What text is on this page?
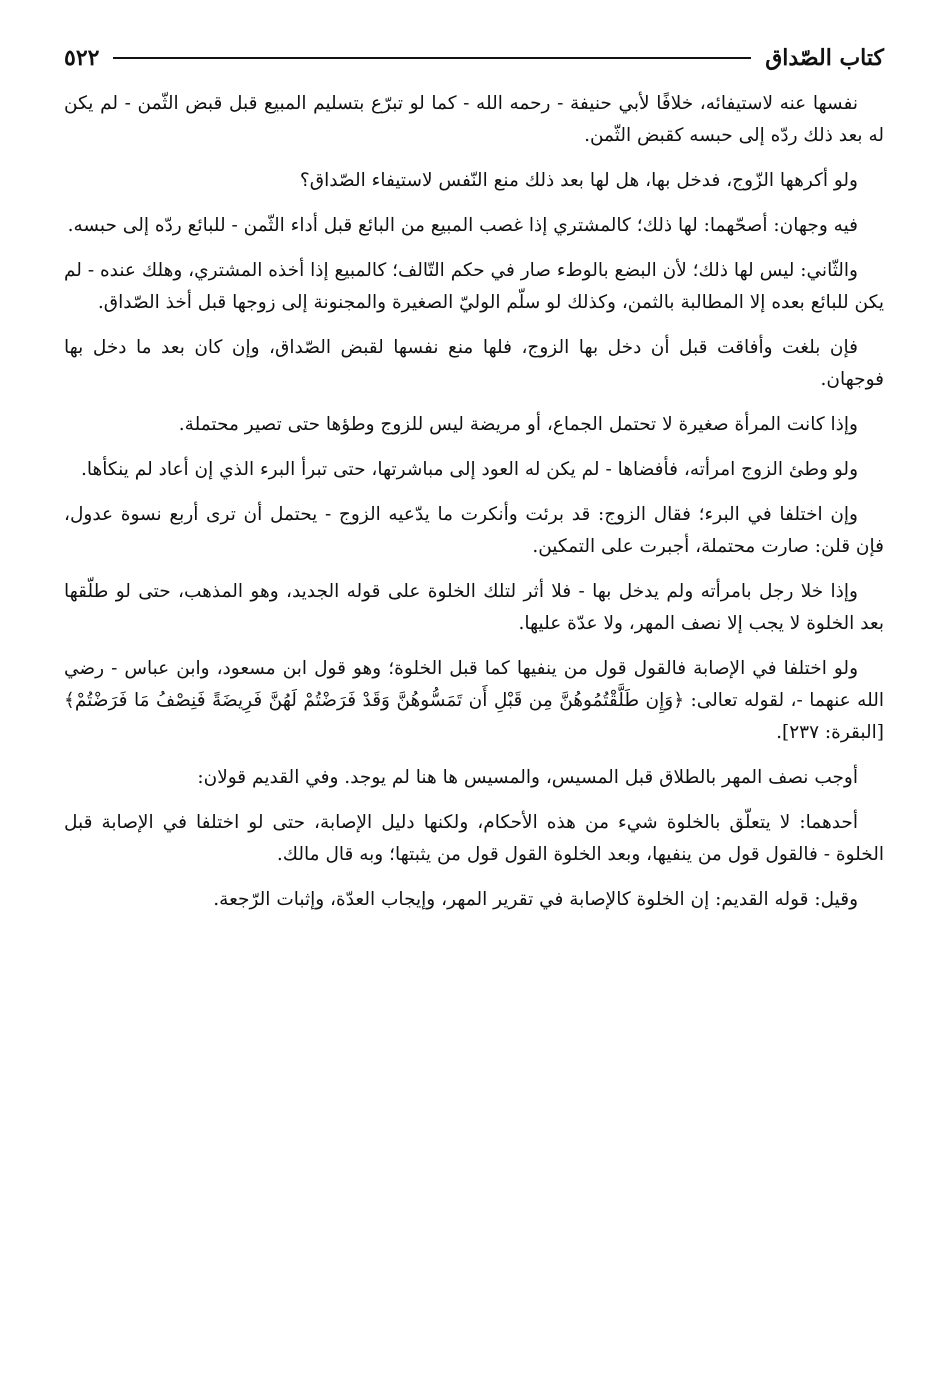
كتاب الصّداق
٥٢٢

نفسها عنه لاستيفائه، خلافًا لأبي حنيفة - رحمه الله - كما لو تبرّع بتسليم المبيع قبل قبض الثّمن - لم يكن له بعد ذلك ردّه إلى حبسه كقبض الثّمن.

ولو أكرهها الزّوج، فدخل بها، هل لها بعد ذلك منع النّفس لاستيفاء الصّداق؟

فيه وجهان: أصحّهما: لها ذلك؛ كالمشتري إذا غصب المبيع من البائع قبل أداء الثّمن - للبائع ردّه إلى حبسه.

والثّاني: ليس لها ذلك؛ لأن البضع بالوطء صار في حكم التّالف؛ كالمبيع إذا أخذه المشتري، وهلك عنده - لم يكن للبائع بعده إلا المطالبة بالثمن، وكذلك لو سلّم الوليّ الصغيرة والمجنونة إلى زوجها قبل أخذ الصّداق.

فإن بلغت وأفاقت قبل أن دخل بها الزوج، فلها منع نفسها لقبض الصّداق، وإن كان بعد ما دخل بها فوجهان.

وإذا كانت المرأة صغيرة لا تحتمل الجماع، أو مريضة ليس للزوج وطؤها حتى تصير محتملة.

ولو وطئ الزوج امرأته، فأفضاها - لم يكن له العود إلى مباشرتها، حتى تبرأ البرء الذي إن أعاد لم ينكأها.

وإن اختلفا في البرء؛ فقال الزوج: قد برئت وأنكرت ما يدّعيه الزوج - يحتمل أن ترى أربع نسوة عدول، فإن قلن: صارت محتملة، أجبرت على التمكين.

وإذا خلا رجل بامرأته ولم يدخل بها - فلا أثر لتلك الخلوة على قوله الجديد، وهو المذهب، حتى لو طلّقها بعد الخلوة لا يجب إلا نصف المهر، ولا عدّة عليها.

ولو اختلفا في الإصابة فالقول قول من ينفيها كما قبل الخلوة؛ وهو قول ابن مسعود، وابن عباس - رضي الله عنهما -، لقوله تعالى: ﴿وَإِن طَلَّقْتُمُوهُنَّ مِن قَبْلِ أَن تَمَسُّوهُنَّ وَقَدْ فَرَضْتُمْ لَهُنَّ فَرِيضَةً فَنِصْفُ مَا فَرَضْتُمْ﴾ [البقرة: ٢٣٧].

أوجب نصف المهر بالطلاق قبل المسيس، والمسيس ها هنا لم يوجد. وفي القديم قولان:

أحدهما: لا يتعلّق بالخلوة شيء من هذه الأحكام، ولكنها دليل الإصابة، حتى لو اختلفا في الإصابة قبل الخلوة - فالقول قول من ينفيها، وبعد الخلوة القول قول من يثبتها؛ وبه قال مالك.

وقيل: قوله القديم: إن الخلوة كالإصابة في تقرير المهر، وإيجاب العدّة، وإثبات الرّجعة.
